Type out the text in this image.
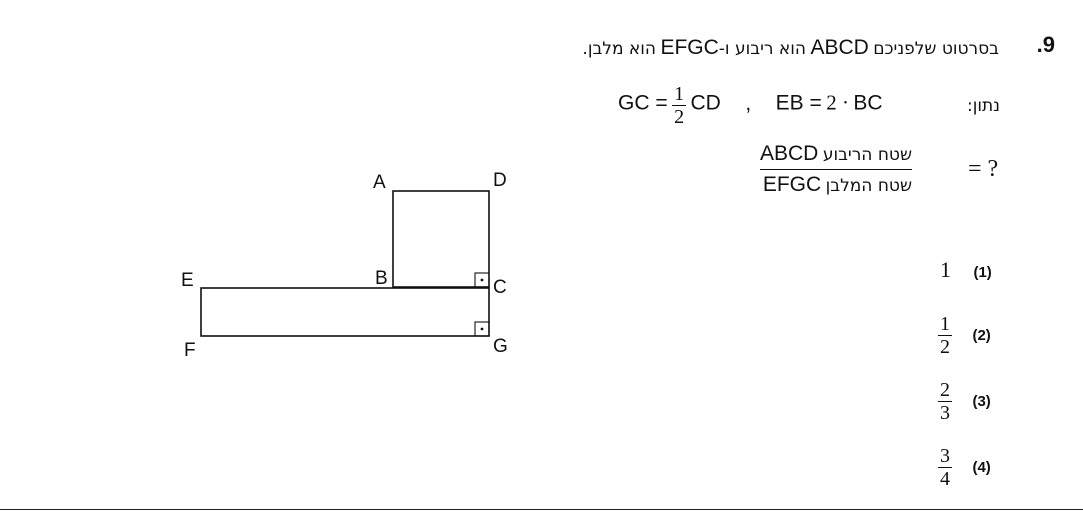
.9
בסרטוט שלפניכם ABCD הוא ריבוע ו-EFGC הוא מלבן.
נתון:
GC = $\frac{1}{2}$ CD , EB = 2 · BC
ABCD שטח הריבוע
EFGC שטח המלבן
= ?
A	D
E	B	C
F	G
1 (1)
$\frac{1}{2} (2)$
$\frac{2}{3} (3)$
$\frac{3}{4} (4)$
